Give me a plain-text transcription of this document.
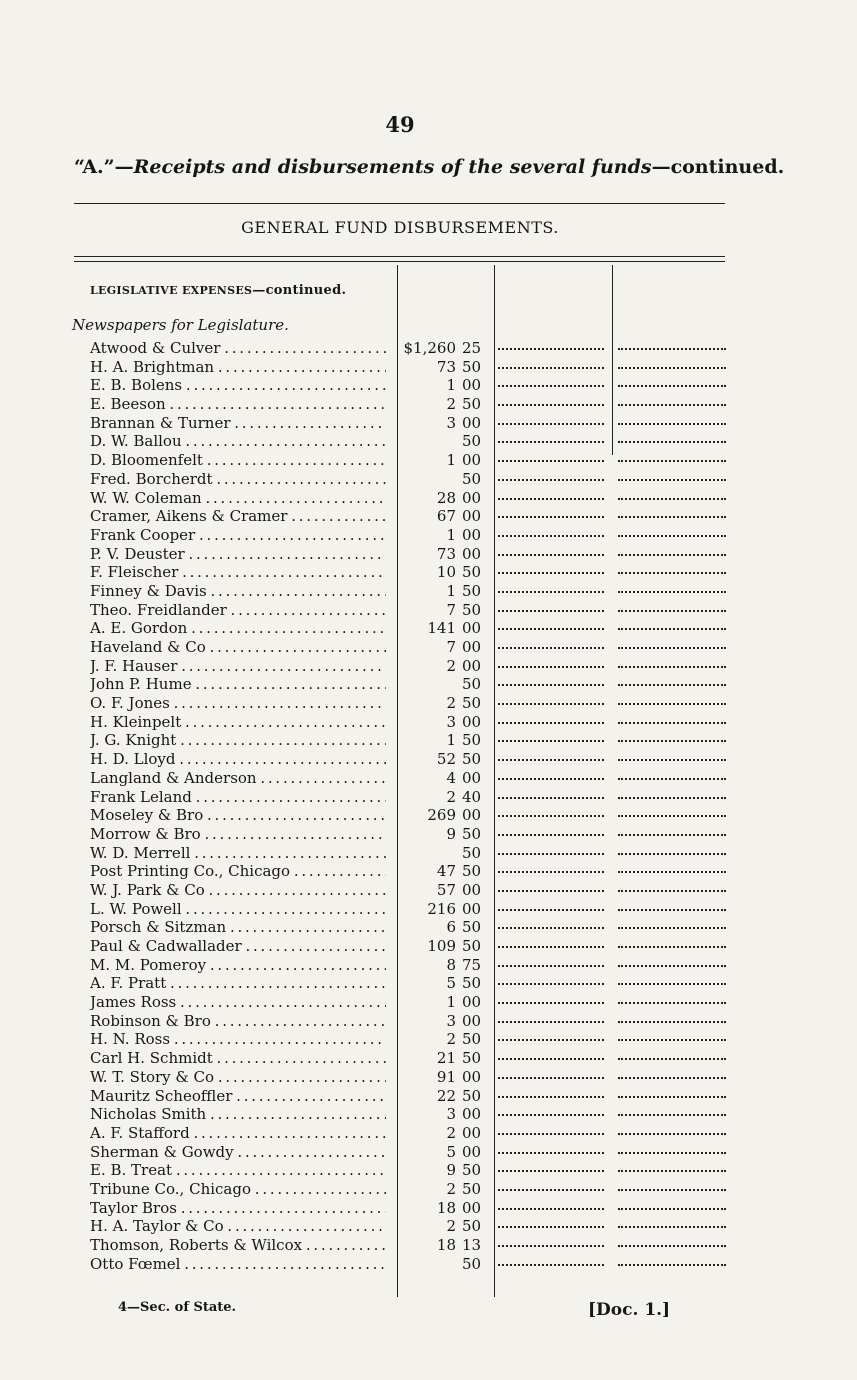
49
“A.”—Receipts and disbursements of the several funds—continued.
GENERAL FUND DISBURSEMENTS.
LEGISLATIVE EXPENSES—continued.
Newspapers for Legislature.
Atwood & Culver . . .	$1,260 25
H. A. Brightman . . .	73 50
E. B. Bolens . . .	1 00
E. Beeson . . .	2 50
Brannan & Turner . . .	3 00
D. W. Ballou . . .	50
D. Bloomenfelt . . .	1 00
Fred. Borcherdt . . .	50
W. W. Coleman . . .	28 00
Cramer, Aikens & Cramer . . .	67 00
Frank Cooper . . .	1 00
P. V. Deuster . . .	73 00
F. Fleischer . . .	10 50
Finney & Davis . . .	1 50
Theo. Freidlander . . .	7 50
A. E. Gordon . . .	141 00
Haveland & Co . . .	7 00
J. F. Hauser . . .	2 00
John P. Hume . . .	50
O. F. Jones . . .	2 50
H. Kleinpelt . . .	3 00
J. G. Knight . . .	1 50
H. D. Lloyd . . .	52 50
Langland & Anderson . . .	4 00
Frank Leland . . .	2 40
Moseley & Bro . . .	269 00
Morrow & Bro . . .	9 50
W. D. Merrell . . .	50
Post Printing Co., Chicago . . .	47 50
W. J. Park & Co . . .	57 00
L. W. Powell . . .	216 00
Porsch & Sitzman . . .	6 50
Paul & Cadwallader . . .	109 50
M. M. Pomeroy . . .	8 75
A. F. Pratt . . .	5 50
James Ross . . .	1 00
Robinson & Bro . . .	3 00
H. N. Ross . . .	2 50
Carl H. Schmidt . . .	21 50
W. T. Story & Co . . .	91 00
Mauritz Scheoffler . . .	22 50
Nicholas Smith . . .	3 00
A. F. Stafford . . .	2 00
Sherman & Gowdy . . .	5 00
E. B. Treat . . .	9 50
Tribune Co., Chicago . . .	2 50
Taylor Bros . . .	18 00
H. A. Taylor & Co . . .	2 50
Thomson, Roberts & Wilcox . . .	18 13
Otto Fœmel . . .	50
4—Sec. of State.	[Doc. 1.]
